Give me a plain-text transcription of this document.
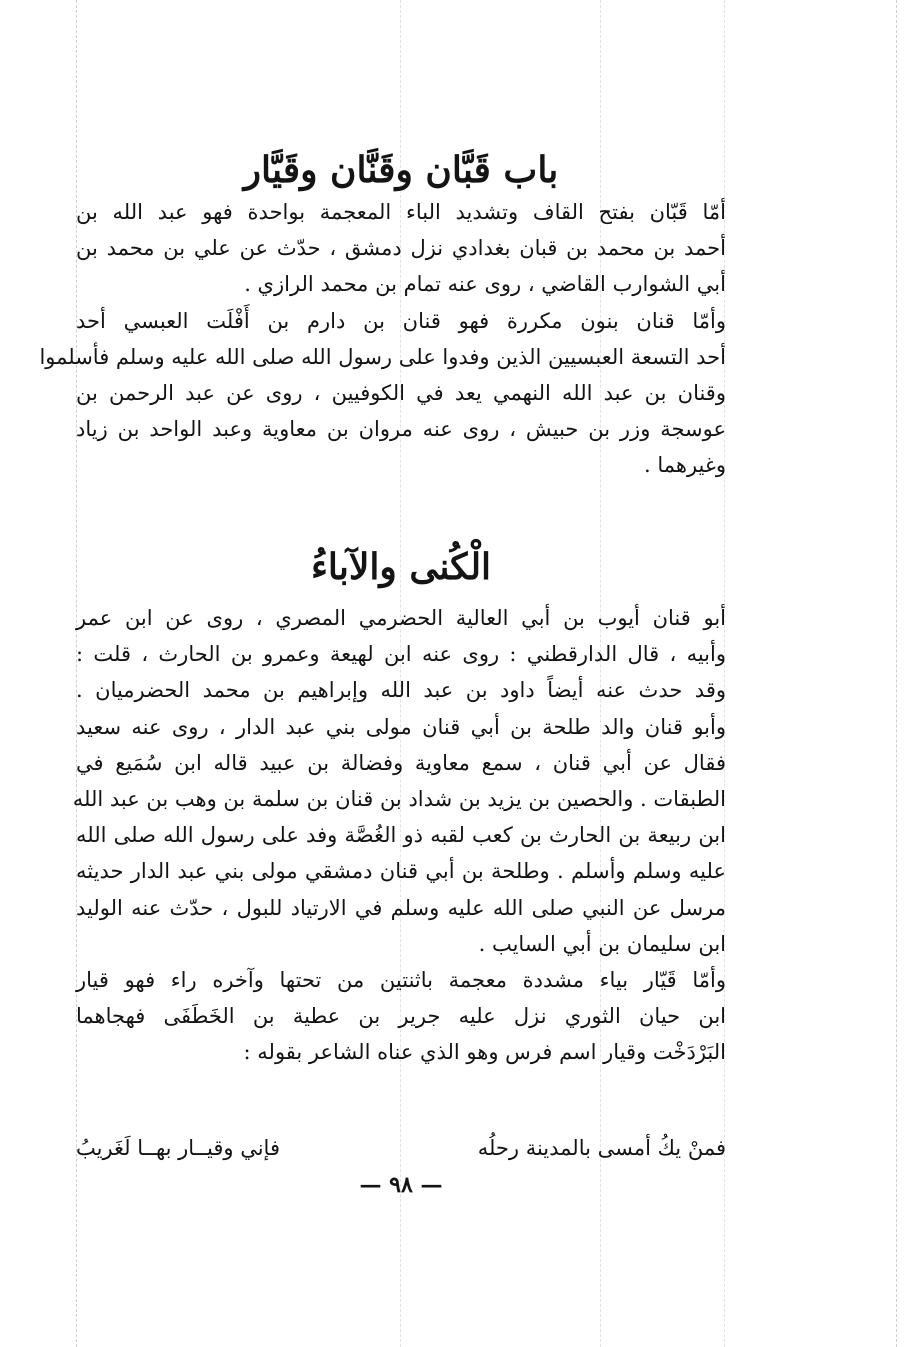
باب قَبَّان وقَنَّان وقَيَّار

أمّا قَبّان بفتح القاف وتشديد الباء المعجمة بواحدة فهو عبد الله بن
أحمد بن محمد بن قبان بغدادي نزل دمشق ، حدّث عن علي بن محمد بن
أبي الشوارب القاضي ، روى عنه تمام بن محمد الرازي .

وأمّا قنان بنون مكررة فهو قنان بن دارم بن أَفْلَت العبسي أحد
أحد التسعة العبسيين الذين وفدوا على رسول الله صلى الله عليه وسلم فأسلموا
وقنان بن عبد الله النهمي يعد في الكوفيين ، روى عن عبد الرحمن بن
عوسجة وزر بن حبيش ، روى عنه مروان بن معاوية وعبد الواحد بن زياد
وغيرهما .

الْكُنى والآباءُ

أبو قنان أيوب بن أبي العالية الحضرمي المصري ، روى عن ابن عمر
وأبيه ، قال الدارقطني : روى عنه ابن لهيعة وعمرو بن الحارث ، قلت :
وقد حدث عنه أيضاً داود بن عبد الله وإبراهيم بن محمد الحضرميان .
وأبو قنان والد طلحة بن أبي قنان مولى بني عبد الدار ، روى عنه سعيد
فقال عن أبي قنان ، سمع معاوية وفضالة بن عبيد قاله ابن سُمَيع في
الطبقات . والحصين بن يزيد بن شداد بن قنان بن سلمة بن وهب بن عبد الله
ابن ربيعة بن الحارث بن كعب لقبه ذو الغُصَّة وفد على رسول الله صلى الله
عليه وسلم وأسلم . وطلحة بن أبي قنان دمشقي مولى بني عبد الدار حديثه
مرسل عن النبي صلى الله عليه وسلم في الارتياد للبول ، حدّث عنه الوليد
ابن سليمان بن أبي السايب .

وأمّا قَيّار بياء مشددة معجمة باثنتين من تحتها وآخره راء فهو قيار
ابن حيان الثوري نزل عليه جرير بن عطية بن الخَطَفَى فهجاهما
البَرْدَخْت وقيار اسم فرس وهو الذي عناه الشاعر بقوله :

فمنْ يكُ أمسى بالمدينة رحلُه
فإني وقيــار بهــا لَغَريبُ
— ٩٨ —
